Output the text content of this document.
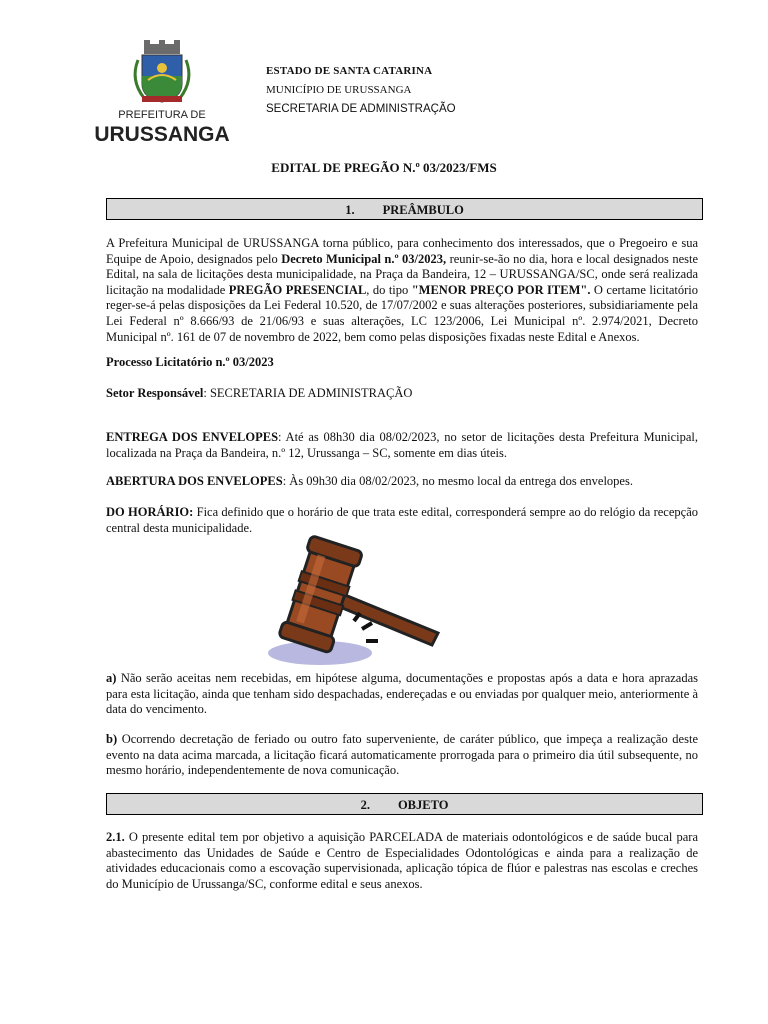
PREFEITURA DE
URUSSANGA
ESTADO DE SANTA CATARINA
MUNICÍPIO DE URUSSANGA
SECRETARIA DE ADMINISTRAÇÃO
EDITAL DE PREGÃO N.º 03/2023/FMS
1. PREÂMBULO
A Prefeitura Municipal de URUSSANGA torna público, para conhecimento dos interessados, que o Pregoeiro e sua Equipe de Apoio, designados pelo Decreto Municipal n.º 03/2023, reunir-se-ão no dia, hora e local designados neste Edital, na sala de licitações desta municipalidade, na Praça da Bandeira, 12 – URUSSANGA/SC, onde será realizada licitação na modalidade PREGÃO PRESENCIAL, do tipo "MENOR PREÇO POR ITEM". O certame licitatório reger-se-á pelas disposições da Lei Federal 10.520, de 17/07/2002 e suas alterações posteriores, subsidiariamente pela Lei Federal nº 8.666/93 de 21/06/93 e suas alterações, LC 123/2006, Lei Municipal nº. 2.974/2021, Decreto Municipal nº. 161 de 07 de novembro de 2022, bem como pelas disposições fixadas neste Edital e Anexos.
Processo Licitatório n.º 03/2023
Setor Responsável: SECRETARIA DE ADMINISTRAÇÃO
ENTREGA DOS ENVELOPES: Até as 08h30 dia 08/02/2023, no setor de licitações desta Prefeitura Municipal, localizada na Praça da Bandeira, n.º 12, Urussanga – SC, somente em dias úteis.
ABERTURA DOS ENVELOPES: Às 09h30 dia 08/02/2023, no mesmo local da entrega dos envelopes.
DO HORÁRIO: Fica definido que o horário de que trata este edital, corresponderá sempre ao do relógio da recepção central desta municipalidade.
a) Não serão aceitas nem recebidas, em hipótese alguma, documentações e propostas após a data e hora aprazadas para esta licitação, ainda que tenham sido despachadas, endereçadas e ou enviadas por qualquer meio, anteriormente à data do vencimento.
b) Ocorrendo decretação de feriado ou outro fato superveniente, de caráter público, que impeça a realização deste evento na data acima marcada, a licitação ficará automaticamente prorrogada para o primeiro dia útil subsequente, no mesmo horário, independentemente de nova comunicação.
2. OBJETO
2.1. O presente edital tem por objetivo a aquisição PARCELADA de materiais odontológicos e de saúde bucal para abastecimento das Unidades de Saúde e Centro de Especialidades Odontológicas e ainda para a realização de atividades educacionais como a escovação supervisionada, aplicação tópica de flúor e palestras nas escolas e creches do Município de Urussanga/SC, conforme edital e seus anexos.
